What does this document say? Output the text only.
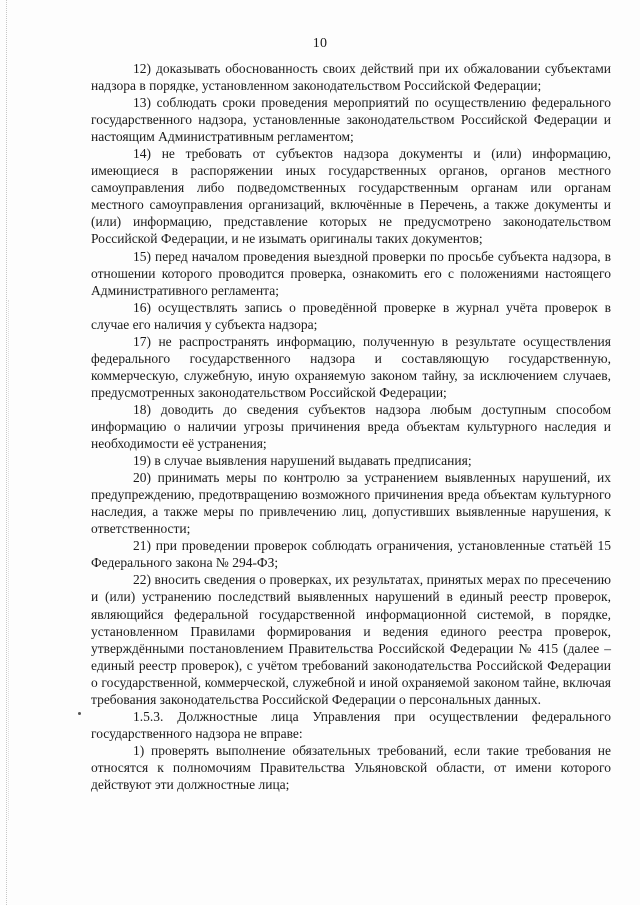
10

12) доказывать обоснованность своих действий при их обжаловании субъектами надзора в порядке, установленном законодательством Российской Федерации;

13) соблюдать сроки проведения мероприятий по осуществлению федерального государственного надзора, установленные законодательством Российской Федерации и настоящим Административным регламентом;

14) не требовать от субъектов надзора документы и (или) информацию, имеющиеся в распоряжении иных государственных органов, органов местного самоуправления либо подведомственных государственным органам или органам местного самоуправления организаций, включённые в Перечень, а также документы и (или) информацию, представление которых не предусмотрено законодательством Российской Федерации, и не изымать оригиналы таких документов;

15) перед началом проведения выездной проверки по просьбе субъекта надзора, в отношении которого проводится проверка, ознакомить его с положениями настоящего Административного регламента;

16) осуществлять запись о проведённой проверке в журнал учёта проверок в случае его наличия у субъекта надзора;

17) не распространять информацию, полученную в результате осуществления федерального государственного надзора и составляющую государственную, коммерческую, служебную, иную охраняемую законом тайну, за исключением случаев, предусмотренных законодательством Российской Федерации;

18) доводить до сведения субъектов надзора любым доступным способом информацию о наличии угрозы причинения вреда объектам культурного наследия и необходимости её устранения;

19) в случае выявления нарушений выдавать предписания;

20) принимать меры по контролю за устранением выявленных нарушений, их предупреждению, предотвращению возможного причинения вреда объектам культурного наследия, а также меры по привлечению лиц, допустивших выявленные нарушения, к ответственности;

21) при проведении проверок соблюдать ограничения, установленные статьёй 15 Федерального закона № 294-ФЗ;

22) вносить сведения о проверках, их результатах, принятых мерах по пресечению и (или) устранению последствий выявленных нарушений в единый реестр проверок, являющийся федеральной государственной информационной системой, в порядке, установленном Правилами формирования и ведения единого реестра проверок, утверждёнными постановлением Правительства Российской Федерации № 415 (далее – единый реестр проверок), с учётом требований законодательства Российской Федерации о государственной, коммерческой, служебной и иной охраняемой законом тайне, включая требования законодательства Российской Федерации о персональных данных.

1.5.3. Должностные лица Управления при осуществлении федерального государственного надзора не вправе:

1) проверять выполнение обязательных требований, если такие требования не относятся к полномочиям Правительства Ульяновской области, от имени которого действуют эти должностные лица;
